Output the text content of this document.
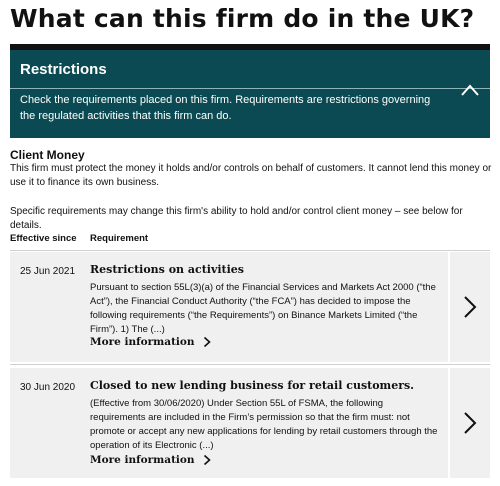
What can this firm do in the UK?
Restrictions
Check the requirements placed on this firm. Requirements are restrictions governing the regulated activities that this firm can do.
Client Money
This firm must protect the money it holds and/or controls on behalf of customers. It cannot lend this money or use it to finance its own business.
Specific requirements may change this firm's ability to hold and/or control client money – see below for details.
Effective since Requirement
25 Jun 2021 Restrictions on activities
Pursuant to section 55L(3)(a) of the Financial Services and Markets Act 2000 (“the Act”), the Financial Conduct Authority (“the FCA”) has decided to impose the following requirements (“the Requirements”) on Binance Markets Limited (“the Firm”). 1) The (...)
More information
30 Jun 2020 Closed to new lending business for retail customers.
(Effective from 30/06/2020) Under Section 55L of FSMA, the following requirements are included in the Firm’s permission so that the firm must: not promote or accept any new applications for lending by retail customers through the operation of its Electronic (...)
More information
